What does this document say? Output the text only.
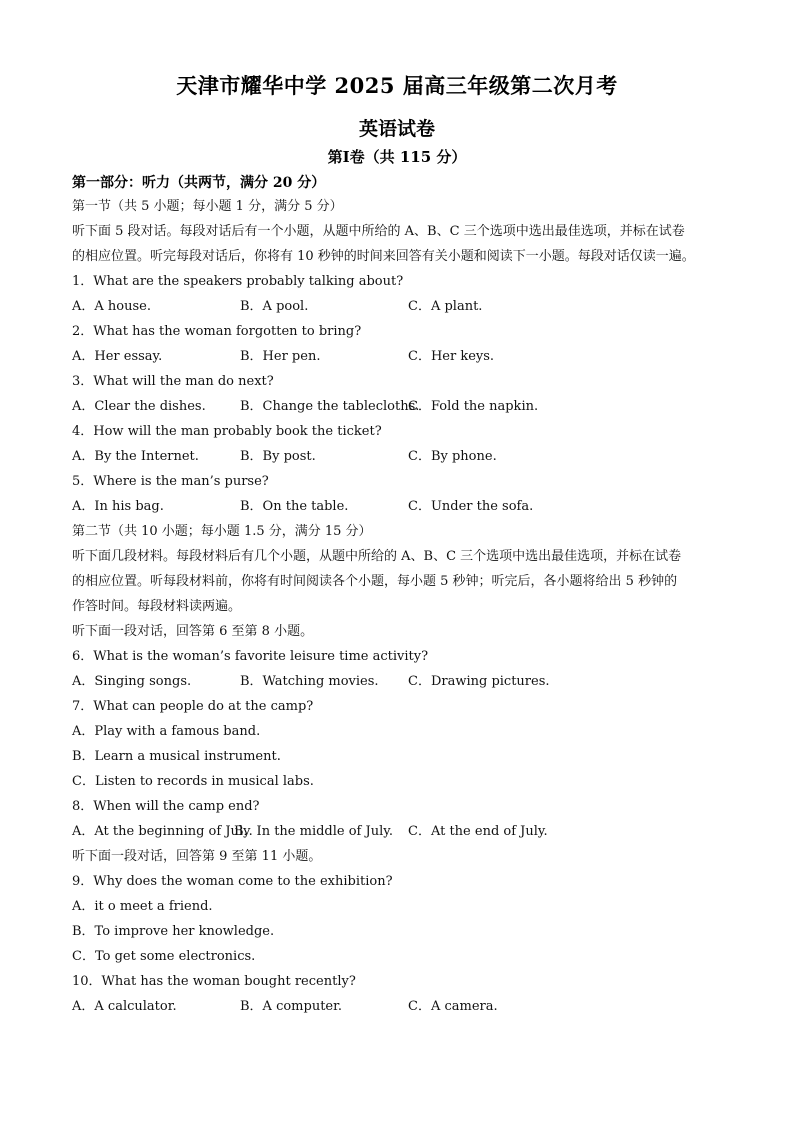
天津市耀华中学 2025 届高三年级第二次月考
英语试卷
第Ⅰ卷（共 115 分）
第一部分：听力（共两节，满分 20 分）
第一节（共 5 小题；每小题 1 分，满分 5 分）
听下面 5 段对话。每段对话后有一个小题，从题中所给的 A、B、C 三个选项中选出最佳选项，并标在试卷
的相应位置。听完每段对话后，你将有 10 秒钟的时间来回答有关小题和阅读下一小题。每段对话仅读一遍。
1．What are the speakers probably talking about?
A．A house.	B．A pool.	C．A plant.
2．What has the woman forgotten to bring?
A．Her essay.	B．Her pen.	C．Her keys.
3．What will the man do next?
A．Clear the dishes.	B．Change the tablecloths.
C．Fold the napkin.
4．How will the man probably book the ticket?
A．By the Internet.	B．By post.	C．By phone.
5．Where is the man’s purse?
A．In his bag.	B．On the table.	C．Under the sofa.
第二节（共 10 小题；每小题 1.5 分，满分 15 分）
听下面几段材料。每段材料后有几个小题，从题中所给的 A、B、C 三个选项中选出最佳选项，并标在试卷
的相应位置。听每段材料前，你将有时间阅读各个小题，每小题 5 秒钟；听完后，各小题将给出 5 秒钟的
作答时间。每段材料读两遍。
听下面一段对话，回答第 6 至第 8 小题。
6．What is the woman’s favorite leisure time activity?
A．Singing songs.	B．Watching movies. C．Drawing pictures.
7．What can people do at the camp?
A．Play with a famous band.
B．Learn a musical instrument.
C．Listen to records in musical labs.
8．When will the camp end?
A．At the beginning of July.
B．In the middle of July. C．At the end of July.
听下面一段对话，回答第 9 至第 11 小题。
9．Why does the woman come to the exhibition?
A．it o meet a friend.
B．To improve her knowledge.
C．To get some electronics.
10．What has the woman bought recently?
A．A calculator.	B．A computer.	C．A camera.
